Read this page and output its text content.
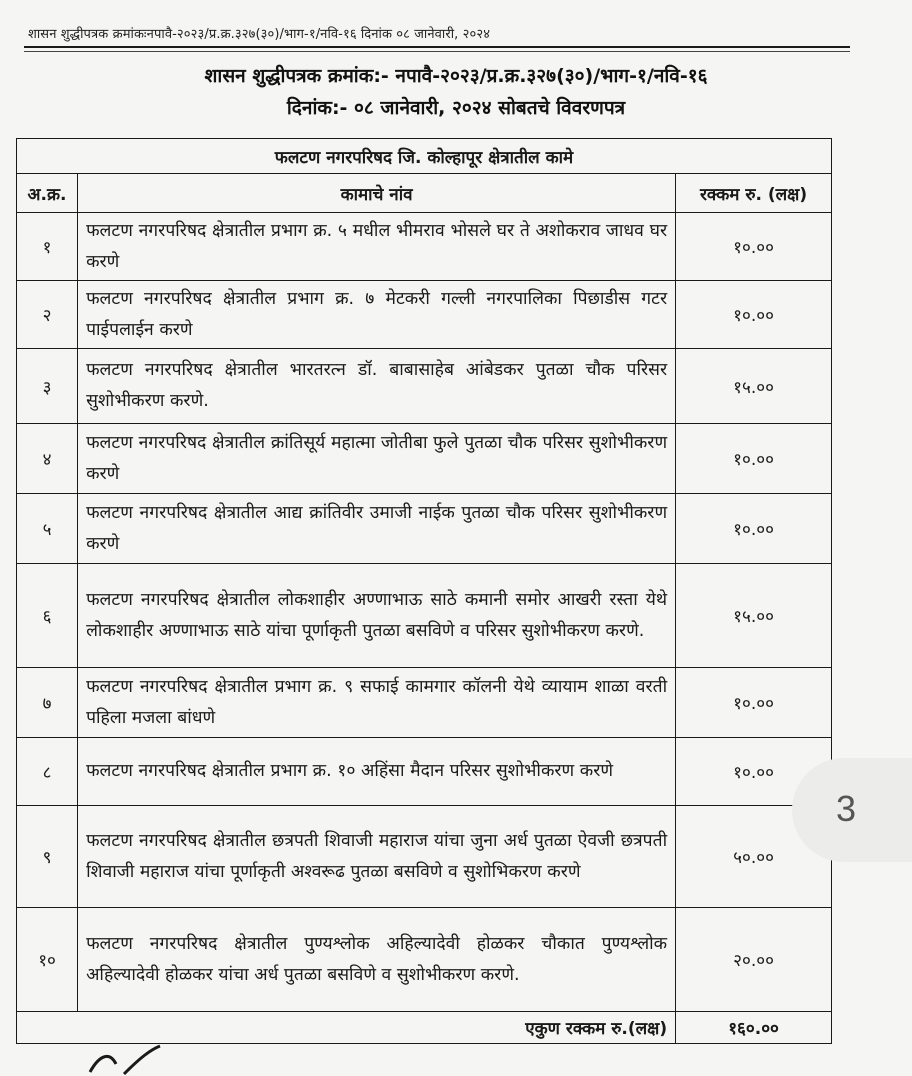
शासन शुद्धीपत्रक क्रमांकःनपावै-२०२३/प्र.क्र.३२७(३०)/भाग-१/नवि-१६ दिनांक ०८ जानेवारी, २०२४
शासन शुद्धीपत्रक क्रमांक:- नपावै-२०२३/प्र.क्र.३२७(३०)/भाग-१/नवि-१६
दिनांक:- ०८ जानेवारी, २०२४ सोबतचे विवरणपत्र
फलटण नगरपरिषद जि. कोल्हापूर क्षेत्रातील कामे		
अ.क्र.	कामाचे नांव	रक्कम रु. (लक्ष)
१	फलटण नगरपरिषद क्षेत्रातील प्रभाग क्र. ५ मधील भीमराव भोसले घर ते अशोकराव जाधव घर करणे	१०.००
२	फलटण नगरपरिषद क्षेत्रातील प्रभाग क्र. ७ मेटकरी गल्ली नगरपालिका पिछाडीस गटर पाईपलाईन करणे	१०.००
३	फलटण नगरपरिषद क्षेत्रातील भारतरत्न डॉ. बाबासाहेब आंबेडकर पुतळा चौक परिसर सुशोभीकरण करणे.	१५.००
४	फलटण नगरपरिषद क्षेत्रातील क्रांतिसूर्य महात्मा जोतीबा फुले पुतळा चौक परिसर सुशोभीकरण करणे	१०.००
५	फलटण नगरपरिषद क्षेत्रातील आद्य क्रांतिवीर उमाजी नाईक पुतळा चौक परिसर सुशोभीकरण करणे	१०.००
६	फलटण नगरपरिषद क्षेत्रातील लोकशाहीर अण्णाभाऊ साठे कमानी समोर आखरी रस्ता येथे लोकशाहीर अण्णाभाऊ साठे यांचा पूर्णाकृती पुतळा बसविणे व परिसर सुशोभीकरण करणे.	१५.००
७	फलटण नगरपरिषद क्षेत्रातील प्रभाग क्र. ९ सफाई कामगार कॉलनी येथे व्यायाम शाळा वरती पहिला मजला बांधणे	१०.००
८	फलटण नगरपरिषद क्षेत्रातील प्रभाग क्र. १० अहिंसा मैदान परिसर सुशोभीकरण करणे	१०.००
९	फलटण नगरपरिषद क्षेत्रातील छत्रपती शिवाजी महाराज यांचा जुना अर्ध पुतळा ऐवजी छत्रपती शिवाजी महाराज यांचा पूर्णाकृती अश्वरूढ पुतळा बसविणे व सुशोभिकरण करणे	५०.००
१०	फलटण नगरपरिषद क्षेत्रातील पुण्यश्लोक अहिल्यादेवी होळकर चौकात पुण्यश्लोक अहिल्यादेवी होळकर यांचा अर्ध पुतळा बसविणे व सुशोभीकरण करणे.	२०.००
एकुण रक्कम रु.(लक्ष)		१६०.००
3
